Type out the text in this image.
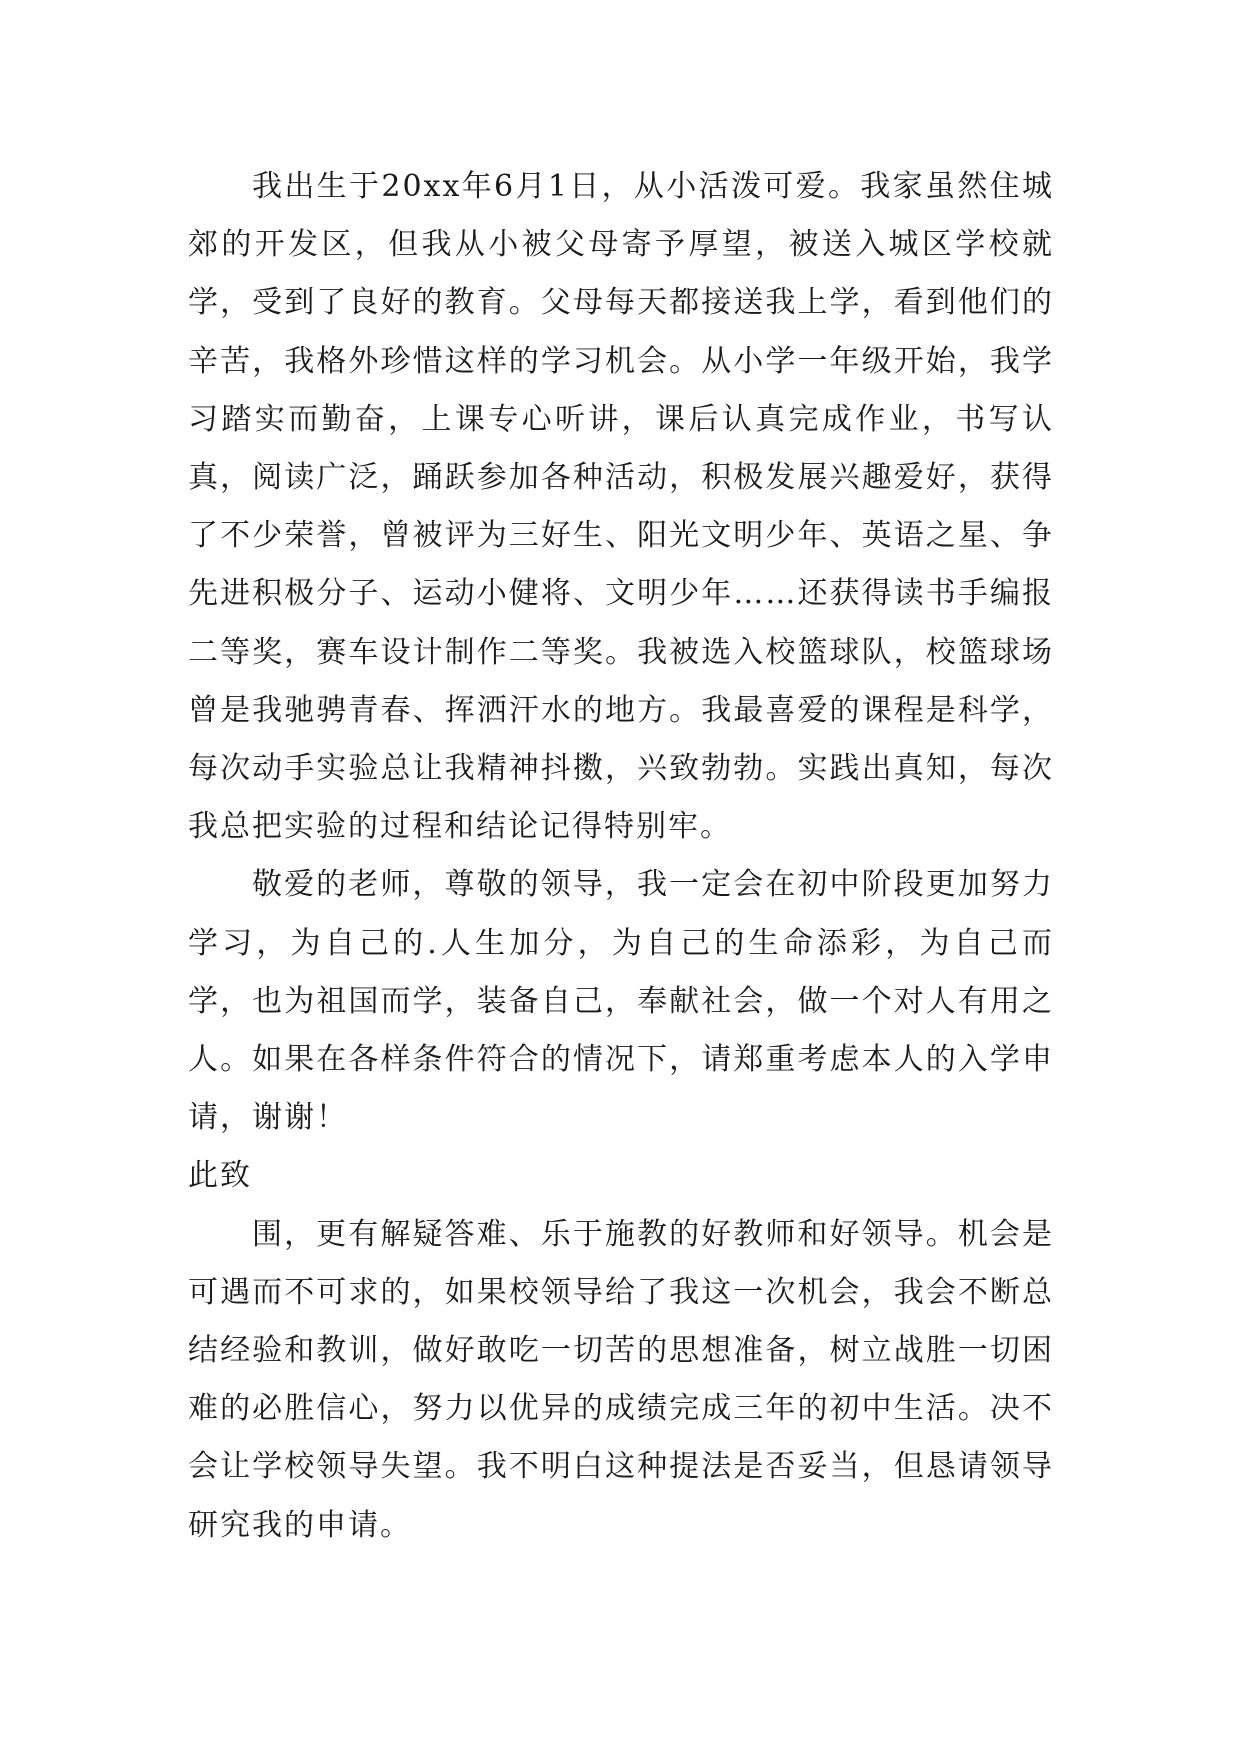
我出生于20xx年6月1日，从小活泼可爱。我家虽然住城郊的开发区，但我从小被父母寄予厚望，被送入城区学校就学，受到了良好的教育。父母每天都接送我上学，看到他们的辛苦，我格外珍惜这样的学习机会。从小学一年级开始，我学习踏实而勤奋，上课专心听讲，课后认真完成作业，书写认真，阅读广泛，踊跃参加各种活动，积极发展兴趣爱好，获得了不少荣誉，曾被评为三好生、阳光文明少年、英语之星、争先进积极分子、运动小健将、文明少年……还获得读书手编报二等奖，赛车设计制作二等奖。我被选入校篮球队，校篮球场曾是我驰骋青春、挥洒汗水的地方。我最喜爱的课程是科学，每次动手实验总让我精神抖擞，兴致勃勃。实践出真知，每次我总把实验的过程和结论记得特别牢。

敬爱的老师，尊敬的领导，我一定会在初中阶段更加努力学习，为自己的.人生加分，为自己的生命添彩，为自己而学，也为祖国而学，装备自己，奉献社会，做一个对人有用之人。如果在各样条件符合的情况下，请郑重考虑本人的入学申请，谢谢！

此致

围，更有解疑答难、乐于施教的好教师和好领导。机会是可遇而不可求的，如果校领导给了我这一次机会，我会不断总结经验和教训，做好敢吃一切苦的思想准备，树立战胜一切困难的必胜信心，努力以优异的成绩完成三年的初中生活。决不会让学校领导失望。我不明白这种提法是否妥当，但恳请领导研究我的申请。
